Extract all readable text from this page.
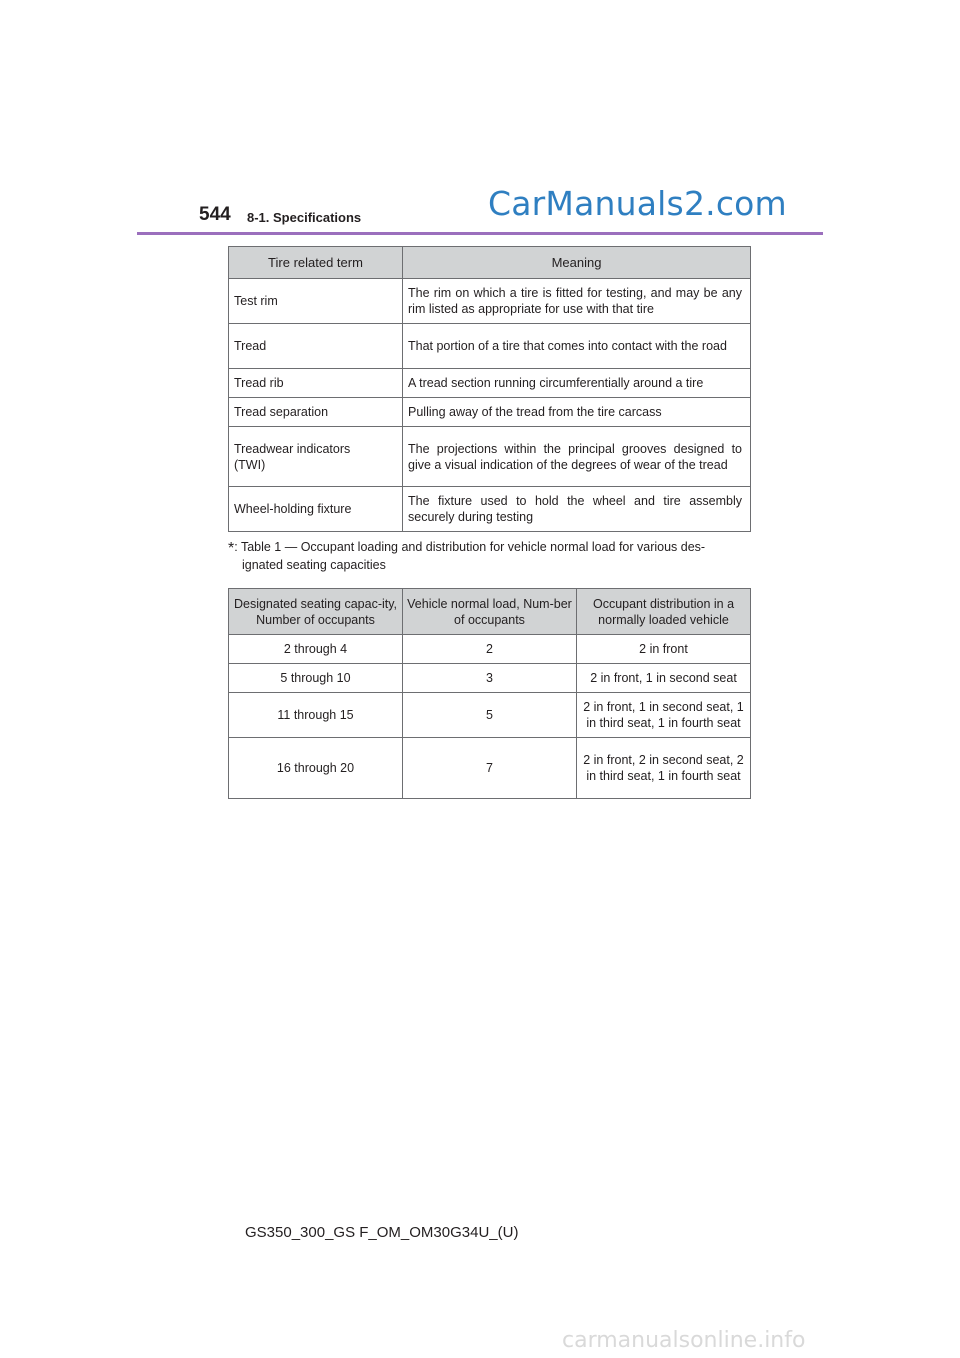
544 8-1. Specifications	CarManuals2.com
Tire related term	Meaning
Test rim	The rim on which a tire is fitted for testing, and may be any rim listed as appropriate for use with that tire
Tread	That portion of a tire that comes into contact with the road
Tread rib	A tread section running circumferentially around a tire
Tread separation	Pulling away of the tread from the tire carcass
Treadwear indicators (TWI)	The projections within the principal grooves designed to give a visual indication of the degrees of wear of the tread
Wheel-holding fixture	The fixture used to hold the wheel and tire assembly securely during testing
*: Table 1 — Occupant loading and distribution for vehicle normal load for various des-
ignated seating capacities
Designated seating capac-ity, Number of occupants	Vehicle normal load, Num-ber of occupants	Occupant distribution in a normally loaded vehicle
2 through 4	2	2 in front
5 through 10	3	2 in front, 1 in second seat
11 through 15	5	2 in front, 1 in second seat, 1 in third seat, 1 in fourth seat
16 through 20	7	2 in front, 2 in second seat, 2 in third seat, 1 in fourth seat
GS350_300_GS F_OM_OM30G34U_(U)
carmanualsonline.info
